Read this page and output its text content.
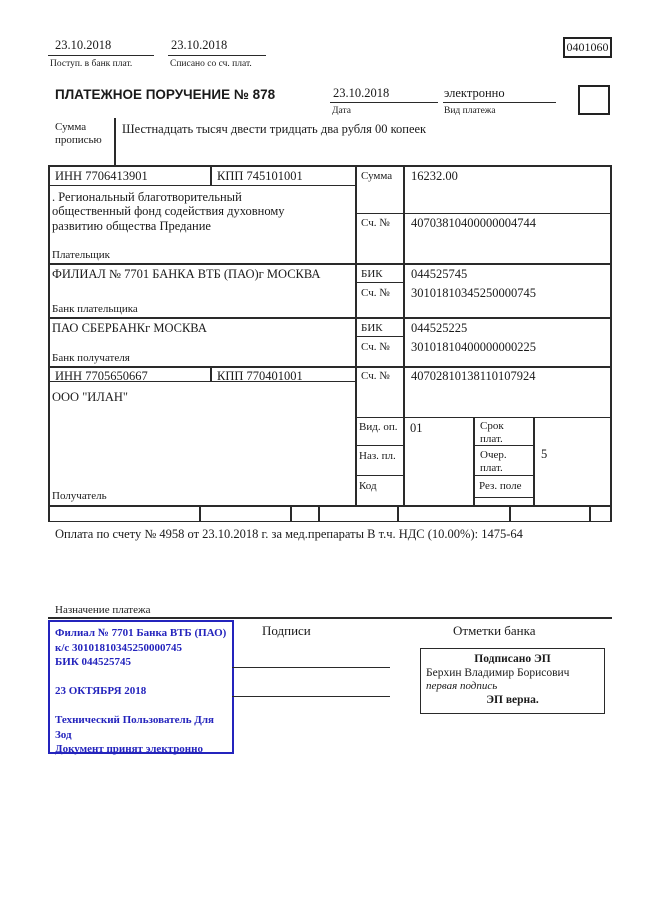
23.10.2018
Поступ. в банк плат.
23.10.2018
Списано со сч. плат.
0401060
ПЛАТЕЖНОЕ ПОРУЧЕНИЕ № 878	23.10.2018
Дата
электронно
Вид платежа
Сумма прописью
Шестнадцать тысяч двести тридцать два рубля 00 копеек
ИНН 7706413901	КПП 745101001	Сумма 16232.00
. Региональный благотворительный
общественный фонд содействия духовному
развитию общества Предание	Сч. № 40703810400000004744
Плательщик
ФИЛИАЛ № 7701 БАНКА ВТБ (ПАО)г МОСКВА	БИК 044525745
Сч. № 30101810345250000745
Банк плательщика
ПАО СБЕРБАНКг МОСКВА	БИК 044525225
Сч. № 30101810400000000225
Банк получателя
ИНН 7705650667	КПП 770401001	Сч. № 40702810138110107924
ООО "ИЛАН"
Вид. оп. 01	Срок плат.
Наз. пл.	Очер. плат.
5
Код	Рез. поле
Получатель
Оплата по счету № 4958 от 23.10.2018 г. за мед.препараты В т.ч. НДС (10.00%): 1475-64
Назначение платежа
Филиал № 7701 Банка ВТБ (ПАО)
к/с 30101810345250000745
БИК 044525745
23 ОКТЯБРЯ 2018
Технический Пользователь Для Зод
Документ принят электронно
Подписи	Отметки банка
Подписано ЭП
Берхин Владимир Борисович
первая подпись
ЭП верна.
